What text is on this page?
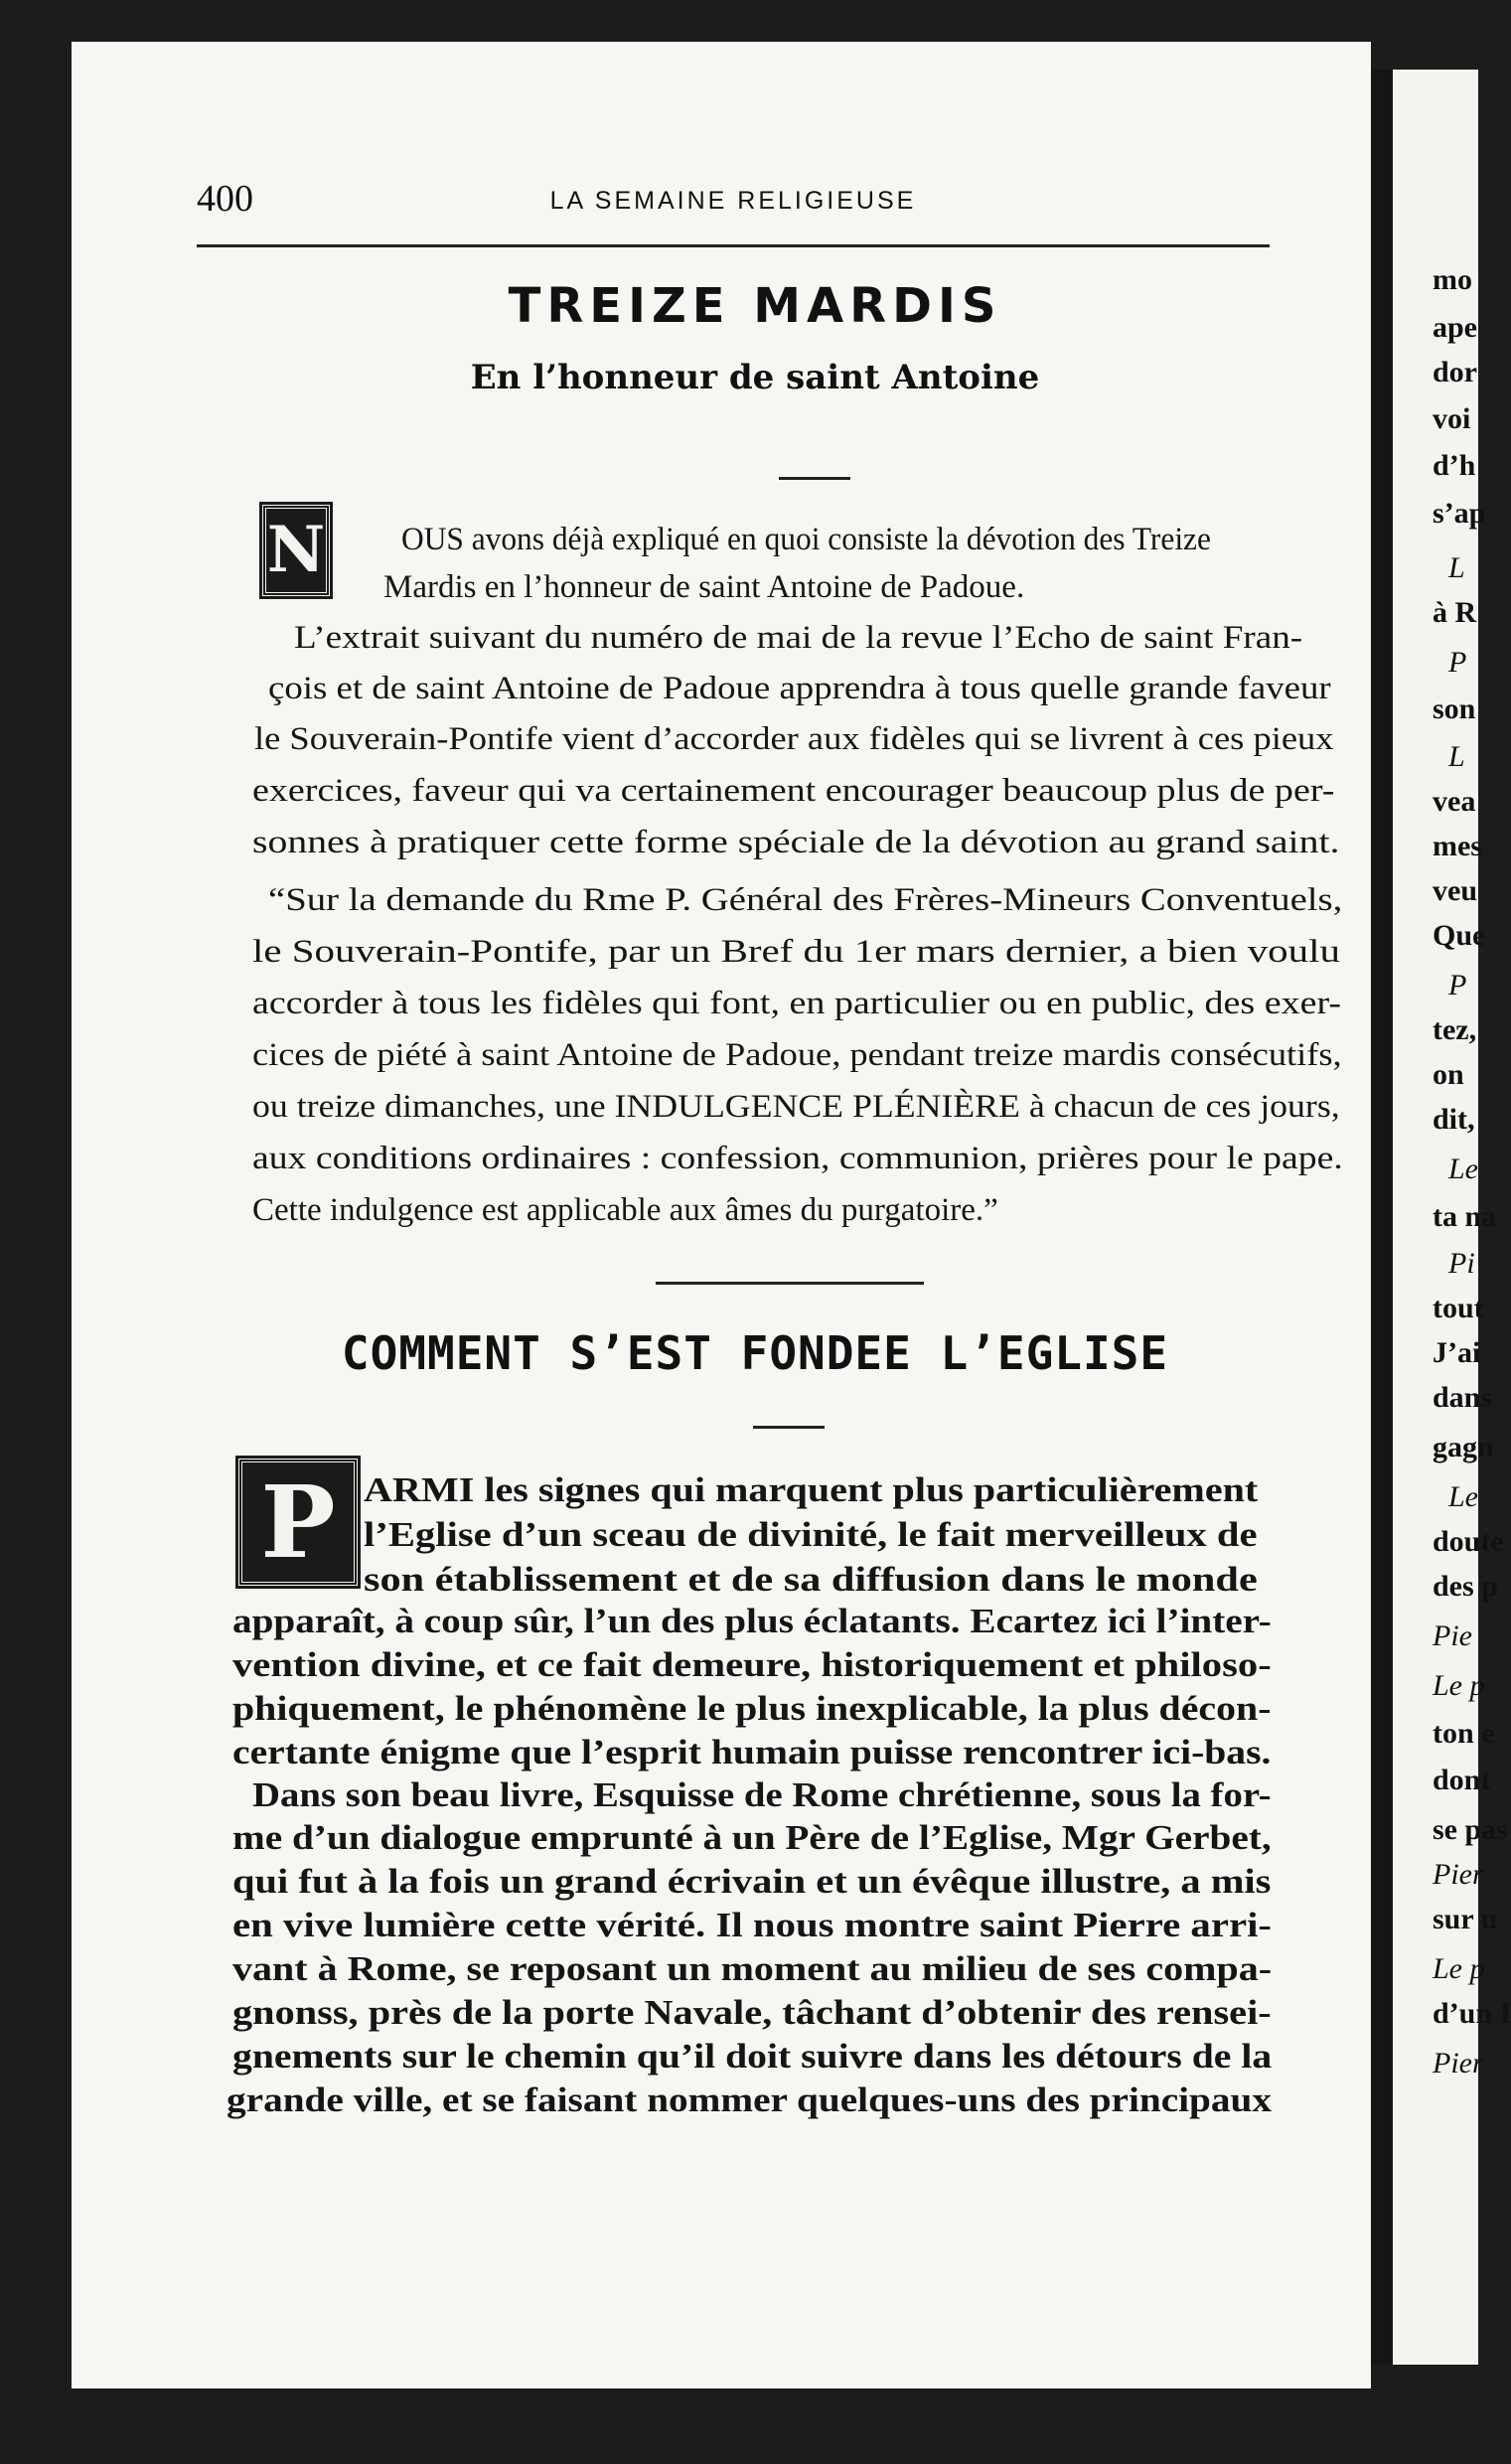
mo
ape
dor
voi
d’h
s’ap
L
à R
P
son
L
vea
mes
veu
Que
P
tez,
on
dit,
Le
ta na
Pi
tout
J’ai
dans
gagn
Le
doute
des p
Pie
Le p
ton e
dont
se pas
Pier
sur u
Le p
d’un I
Pier
400	LA SEMAINE RELIGIEUSE
TREIZE MARDIS
En l’honneur de saint Antoine
N OUS avons déjà expliqué en quoi consiste la dévotion des Treize
Mardis en l’honneur de saint Antoine de Padoue.
L’extrait suivant du numéro de mai de la revue l’Echo de saint Fran-
çois et de saint Antoine de Padoue apprendra à tous quelle grande faveur
le Souverain-Pontife vient d’accorder aux fidèles qui se livrent à ces pieux
exercices, faveur qui va certainement encourager beaucoup plus de per-
sonnes à pratiquer cette forme spéciale de la dévotion au grand saint.
“Sur la demande du Rme P. Général des Frères-Mineurs Conventuels,
le Souverain-Pontife, par un Bref du 1er mars dernier, a bien voulu
accorder à tous les fidèles qui font, en particulier ou en public, des exer-
cices de piété à saint Antoine de Padoue, pendant treize mardis consécutifs,
ou treize dimanches, une INDULGENCE PLÉNIÈRE à chacun de ces jours,
aux conditions ordinaires : confession, communion, prières pour le pape.
Cette indulgence est applicable aux âmes du purgatoire.”
COMMENT S’EST FONDEE L’EGLISE
P ARMI les signes qui marquent plus particulièrement
l’Eglise d’un sceau de divinité, le fait merveilleux de
son établissement et de sa diffusion dans le monde
apparaît, à coup sûr, l’un des plus éclatants. Ecartez ici l’inter-
vention divine, et ce fait demeure, historiquement et philoso-
phiquement, le phénomène le plus inexplicable, la plus décon-
certante énigme que l’esprit humain puisse rencontrer ici-bas.
Dans son beau livre, Esquisse de Rome chrétienne, sous la for-
me d’un dialogue emprunté à un Père de l’Eglise, Mgr Gerbet,
qui fut à la fois un grand écrivain et un évêque illustre, a mis
en vive lumière cette vérité. Il nous montre saint Pierre arri-
vant à Rome, se reposant un moment au milieu de ses compa-
gnonss, près de la porte Navale, tâchant d’obtenir des rensei-
gnements sur le chemin qu’il doit suivre dans les détours de la
grande ville, et se faisant nommer quelques-uns des principaux
